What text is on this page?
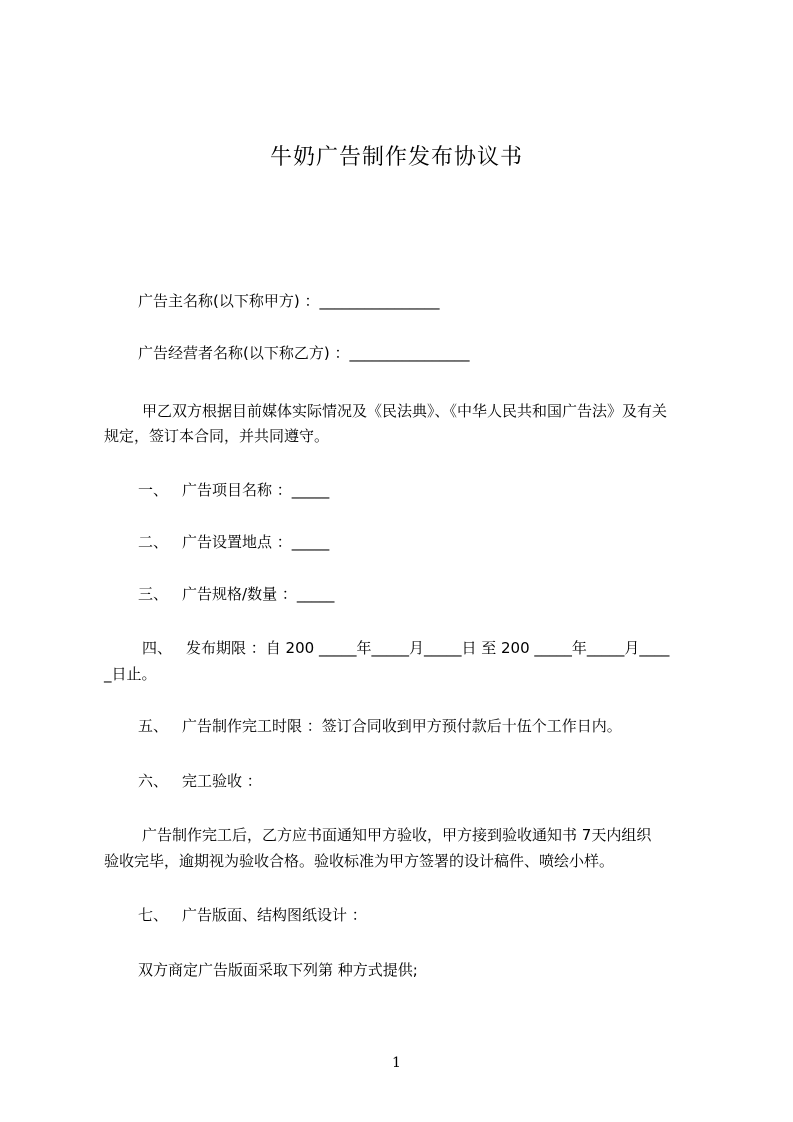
牛奶广告制作发布协议书
广告主名称(以下称甲方) ：________________
广告经营者名称(以下称乙方) ：________________
甲乙双方根据目前媒体实际情况及《民法典》、《中华人民共和国广告法》及有关
规定，签订本合同，并共同遵守。
一、 广告项目名称 ：_____
二、 广告设置地点 ：_____
三、 广告规格/数量 ：_____
四、 发布期限 ：自 200 _____年_____月_____日 至 200 _____年_____月____
_日止。
五、 广告制作完工时限 ：签订合同收到甲方预付款后十伍个工作日内。
六、 完工验收 ：
广告制作完工后，乙方应书面通知甲方验收，甲方接到验收通知书 7天内组织
验收完毕，逾期视为验收合格。验收标准为甲方签署的设计稿件、喷绘小样。
七、 广告版面、结构图纸设计 ：
双方商定广告版面采取下列第 种方式提供;
1
